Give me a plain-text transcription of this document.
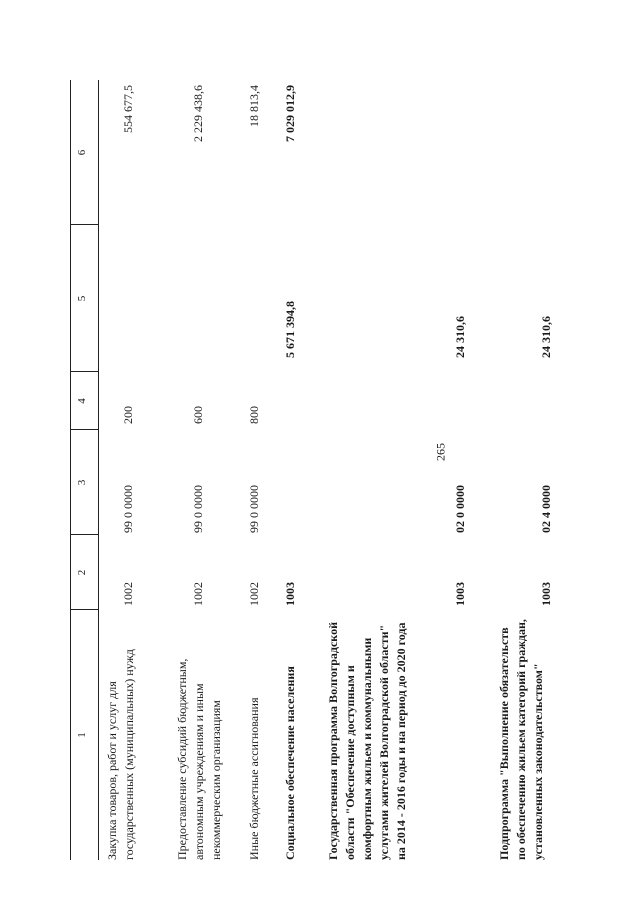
265
1
2
3
4
5
6
Закупка товаров, работ и услуг для государственных (муниципальных) нужд
1002
99 0 0000
200
554 677,5
Предоставление субсидий бюджетным, автономным учреждениям и иным некоммерческим организациям
1002
99 0 0000
600
2 229 438,6
Иные бюджетные ассигнования
1002
99 0 0000
800
18 813,4
Социальное обеспечение населения
1003
5 671 394,8
7 029 012,9
Государственная программа Волгоградской области "Обеспечение доступным и комфортным жильем и коммунальными услугами жителей Волгоградской области" на 2014 - 2016 годы и на период до 2020 года
1003
02 0 0000
24 310,6
Подпрограмма "Выполнение обязательств по обеспечению жильем категорий граждан, установленных законодательством"
1003
02 4 0000
24 310,6
